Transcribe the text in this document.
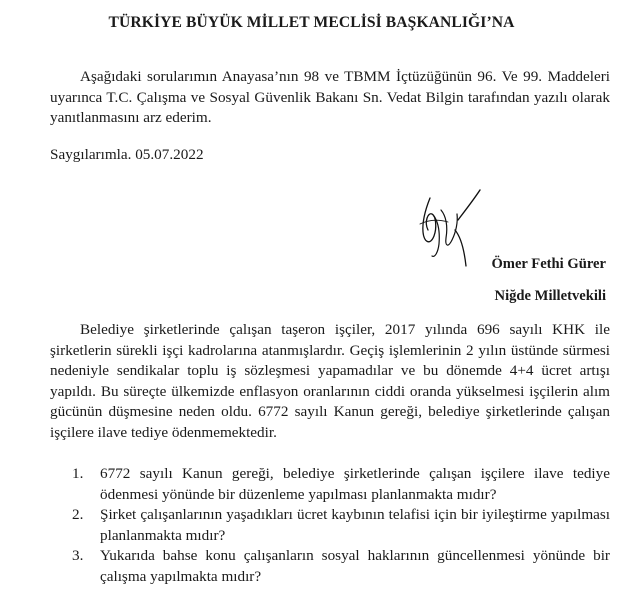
TÜRKİYE BÜYÜK MİLLET MECLİSİ BAŞKANLIĞI’NA

Aşağıdaki sorularımın Anayasa’nın 98 ve TBMM İçtüzüğünün 96. Ve 99. Maddeleri uyarınca T.C. Çalışma ve Sosyal Güvenlik Bakanı Sn. Vedat Bilgin tarafından yazılı olarak yanıtlanmasını arz ederim.

Saygılarımla. 05.07.2022
Ömer Fethi Gürer
Niğde Milletvekili

Belediye şirketlerinde çalışan taşeron işçiler, 2017 yılında 696 sayılı KHK ile şirketlerin sürekli işçi kadrolarına atanmışlardır. Geçiş işlemlerinin 2 yılın üstünde sürmesi nedeniyle sendikalar toplu iş sözleşmesi yapamadılar ve bu dönemde 4+4 ücret artışı yapıldı. Bu süreçte ülkemizde enflasyon oranlarının ciddi oranda yükselmesi işçilerin alım gücünün düşmesine neden oldu. 6772 sayılı Kanun gereği, belediye şirketlerinde çalışan işçilere ilave tediye ödenmemektedir.

1. 6772 sayılı Kanun gereği, belediye şirketlerinde çalışan işçilere ilave tediye ödenmesi yönünde bir düzenleme yapılması planlanmakta mıdır?
2. Şirket çalışanlarının yaşadıkları ücret kaybının telafisi için bir iyileştirme yapılması planlanmakta mıdır?
3. Yukarıda bahse konu çalışanların sosyal haklarının güncellenmesi yönünde bir çalışma yapılmakta mıdır?
